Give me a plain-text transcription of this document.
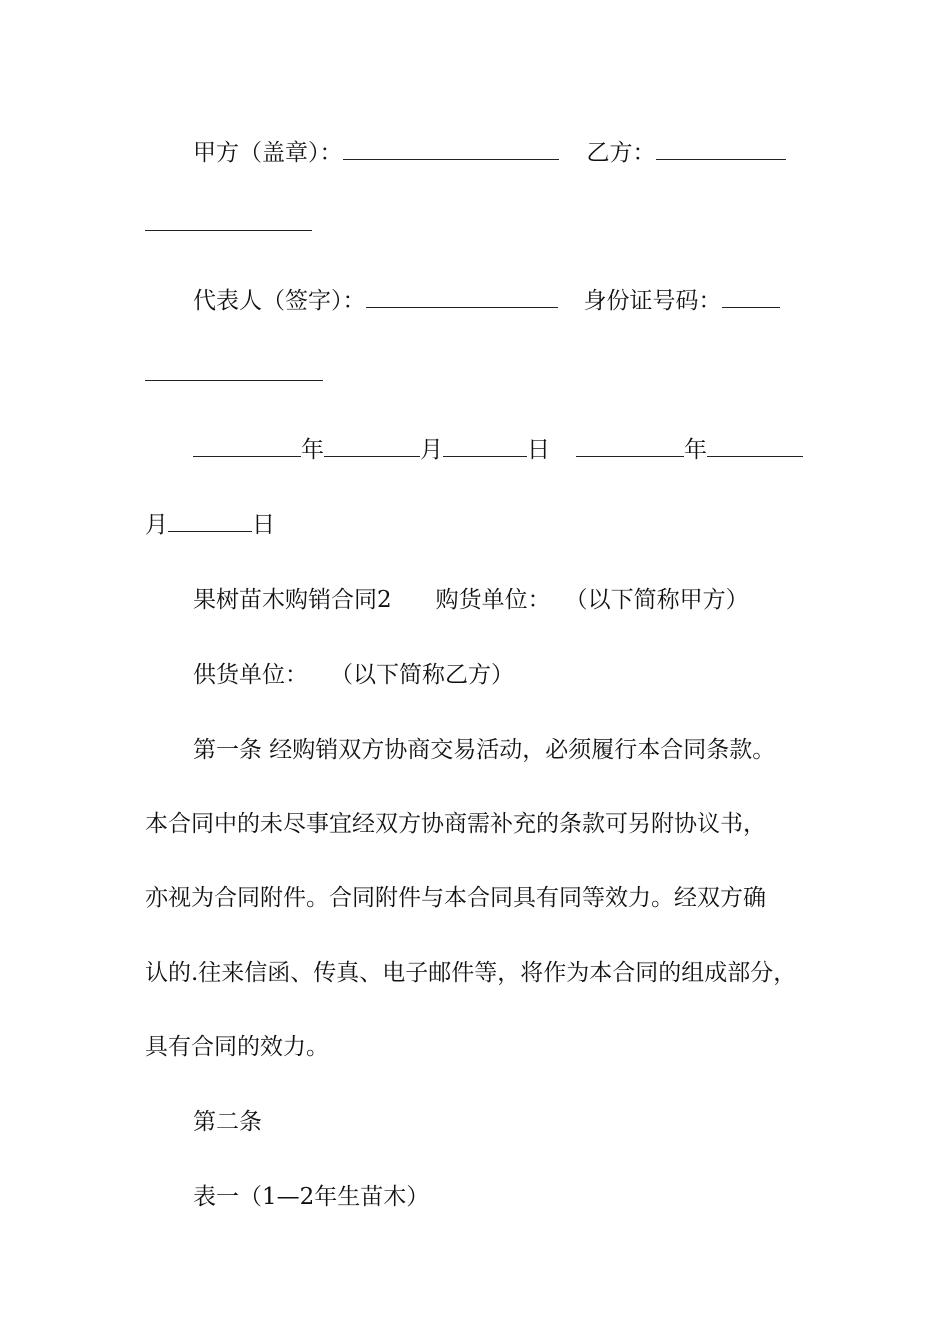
甲方（盖章）：	乙方：
代表人（签字）：	身份证号码：
年	月	日	年
月	日
果树苗木购销合同2 购货单位： （以下简称甲方）
供货单位： （以下简称乙方）
第一条 经购销双方协商交易活动，必须履行本合同条款。
本合同中的未尽事宜经双方协商需补充的条款可另附协议书，
亦视为合同附件。合同附件与本合同具有同等效力。经双方确
认的.往来信函、传真、电子邮件等，将作为本合同的组成部分，
具有合同的效力。
第二条
表一（1—2年生苗木）
